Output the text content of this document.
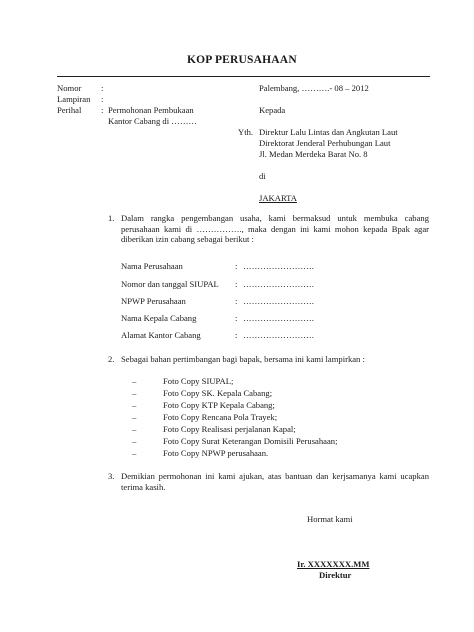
KOP PERUSAHAAN
Nomor :
Lampiran :
Perihal : Permohonan Pembukaan
Kantor Cabang di ………
Palembang, ……….- 08 – 2012
Kepada
Yth. Direktur Lalu Lintas dan Angkutan Laut
Direktorat Jenderal Perhubungan Laut
Jl. Medan Merdeka Barat No. 8
di
JAKARTA
1. Dalam rangka pengembangan usaha, kami bermaksud untuk membuka cabang perusahaan kami di ……………., maka dengan ini kami mohon kepada Bpak agar diberikan izin cabang sebagai berikut :
Nama Perusahaan	: …………………….
Nomor dan tanggal SIUPAL : …………………….
NPWP Perusahaan	: …………………….
Nama Kepala Cabang	: …………………….
Alamat Kantor Cabang	: …………………….
2. Sebagai bahan pertimbangan bagi bapak, bersama ini kami lampirkan :
–	Foto Copy SIUPAL;
–	Foto Copy SK. Kepala Cabang;
–	Foto Copy KTP Kepala Cabang;
–	Foto Copy Rencana Pola Trayek;
–	Foto Copy Realisasi perjalanan Kapal;
–	Foto Copy Surat Keterangan Domisili Perusahaan;
–	Foto Copy NPWP perusahaan.
3. Demikian permohonan ini kami ajukan, atas bantuan dan kerjsamanya kami ucapkan terima kasih.
Hormat kami
Ir. XXXXXXX.MM
Direktur
